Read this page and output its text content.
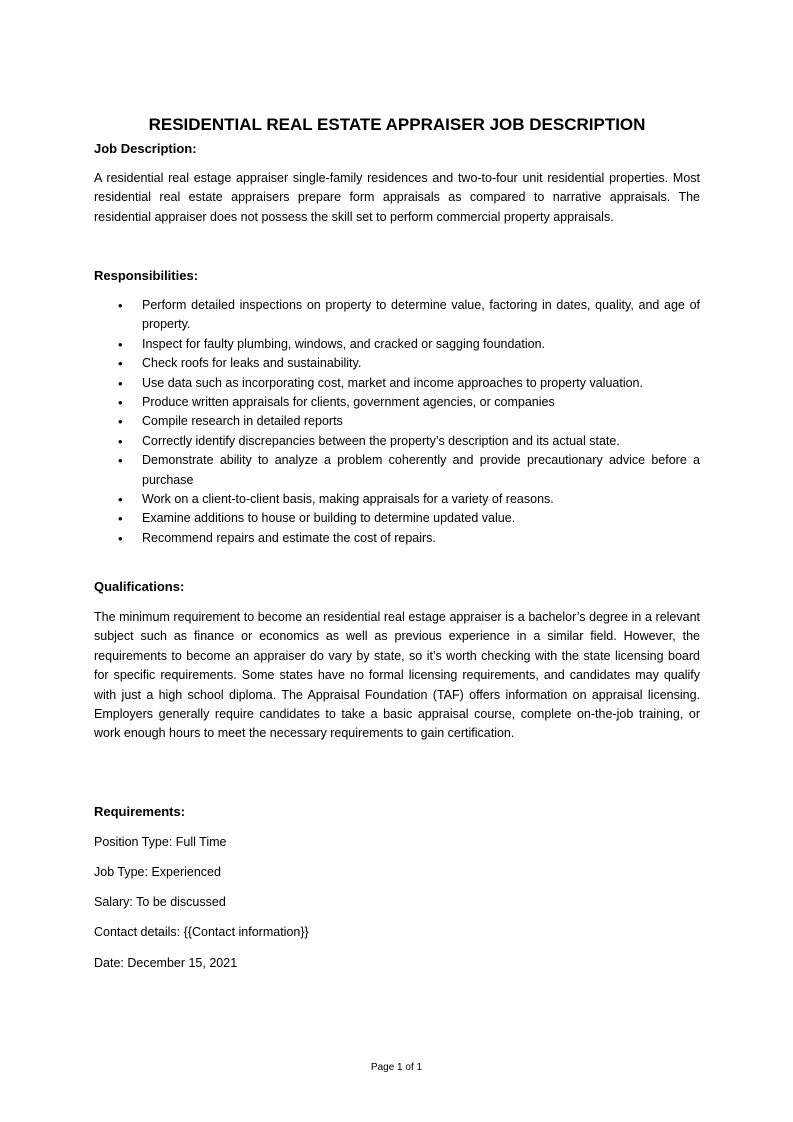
RESIDENTIAL REAL ESTATE APPRAISER JOB DESCRIPTION
Job Description:
A residential real estage appraiser single-family residences and two-to-four unit residential properties. Most residential real estate appraisers prepare form appraisals as compared to narrative appraisals. The residential appraiser does not possess the skill set to perform commercial property appraisals.
Responsibilities:
• Perform detailed inspections on property to determine value, factoring in dates, quality, and age of property.
• Inspect for faulty plumbing, windows, and cracked or sagging foundation.
• Check roofs for leaks and sustainability.
• Use data such as incorporating cost, market and income approaches to property valuation.
• Produce written appraisals for clients, government agencies, or companies
• Compile research in detailed reports
• Correctly identify discrepancies between the property’s description and its actual state.
• Demonstrate ability to analyze a problem coherently and provide precautionary advice before a purchase
• Work on a client-to-client basis, making appraisals for a variety of reasons.
• Examine additions to house or building to determine updated value.
• Recommend repairs and estimate the cost of repairs.
Qualifications:
The minimum requirement to become an residential real estage appraiser is a bachelor’s degree in a relevant subject such as finance or economics as well as previous experience in a similar field. However, the requirements to become an appraiser do vary by state, so it’s worth checking with the state licensing board for specific requirements. Some states have no formal licensing requirements, and candidates may qualify with just a high school diploma. The Appraisal Foundation (TAF) offers information on appraisal licensing. Employers generally require candidates to take a basic appraisal course, complete on-the-job training, or work enough hours to meet the necessary requirements to gain certification.
Requirements:
Position Type: Full Time
Job Type: Experienced
Salary: To be discussed
Contact details: {{Contact information}}
Date: December 15, 2021
Page 1 of 1
